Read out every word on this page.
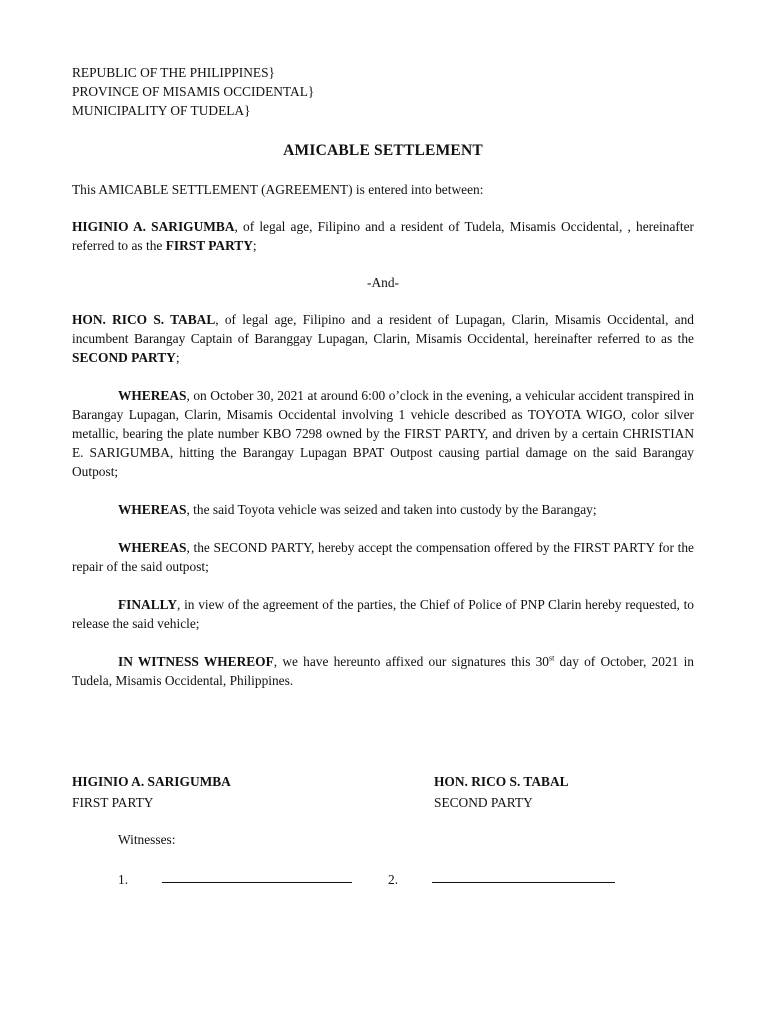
REPUBLIC OF THE PHILIPPINES}
PROVINCE OF MISAMIS OCCIDENTAL}
MUNICIPALITY OF TUDELA}
AMICABLE SETTLEMENT

This AMICABLE SETTLEMENT (AGREEMENT) is entered into between:

HIGINIO A. SARIGUMBA, of legal age, Filipino and a resident of Tudela, Misamis Occidental, , hereinafter referred to as the FIRST PARTY;

-And-

HON. RICO S. TABAL, of legal age, Filipino and a resident of Lupagan, Clarin, Misamis Occidental, and incumbent Barangay Captain of Baranggay Lupagan, Clarin, Misamis Occidental, hereinafter referred to as the SECOND PARTY;

WHEREAS, on October 30, 2021 at around 6:00 o’clock in the evening, a vehicular accident transpired in Barangay Lupagan, Clarin, Misamis Occidental involving 1 vehicle described as TOYOTA WIGO, color silver metallic, bearing the plate number KBO 7298 owned by the FIRST PARTY, and driven by a certain CHRISTIAN E. SARIGUMBA, hitting the Barangay Lupagan BPAT Outpost causing partial damage on the said Barangay Outpost;

WHEREAS, the said Toyota vehicle was seized and taken into custody by the Barangay;

WHEREAS, the SECOND PARTY, hereby accept the compensation offered by the FIRST PARTY for the repair of the said outpost;

FINALLY, in view of the agreement of the parties, the Chief of Police of PNP Clarin hereby requested, to release the said vehicle;

IN WITNESS WHEREOF, we have hereunto affixed our signatures this 30st day of October, 2021 in Tudela, Misamis Occidental, Philippines.

HIGINIO A. SARIGUMBA
FIRST PARTY
HON. RICO S. TABAL
SECOND PARTY
Witnesses:
1.	2.
